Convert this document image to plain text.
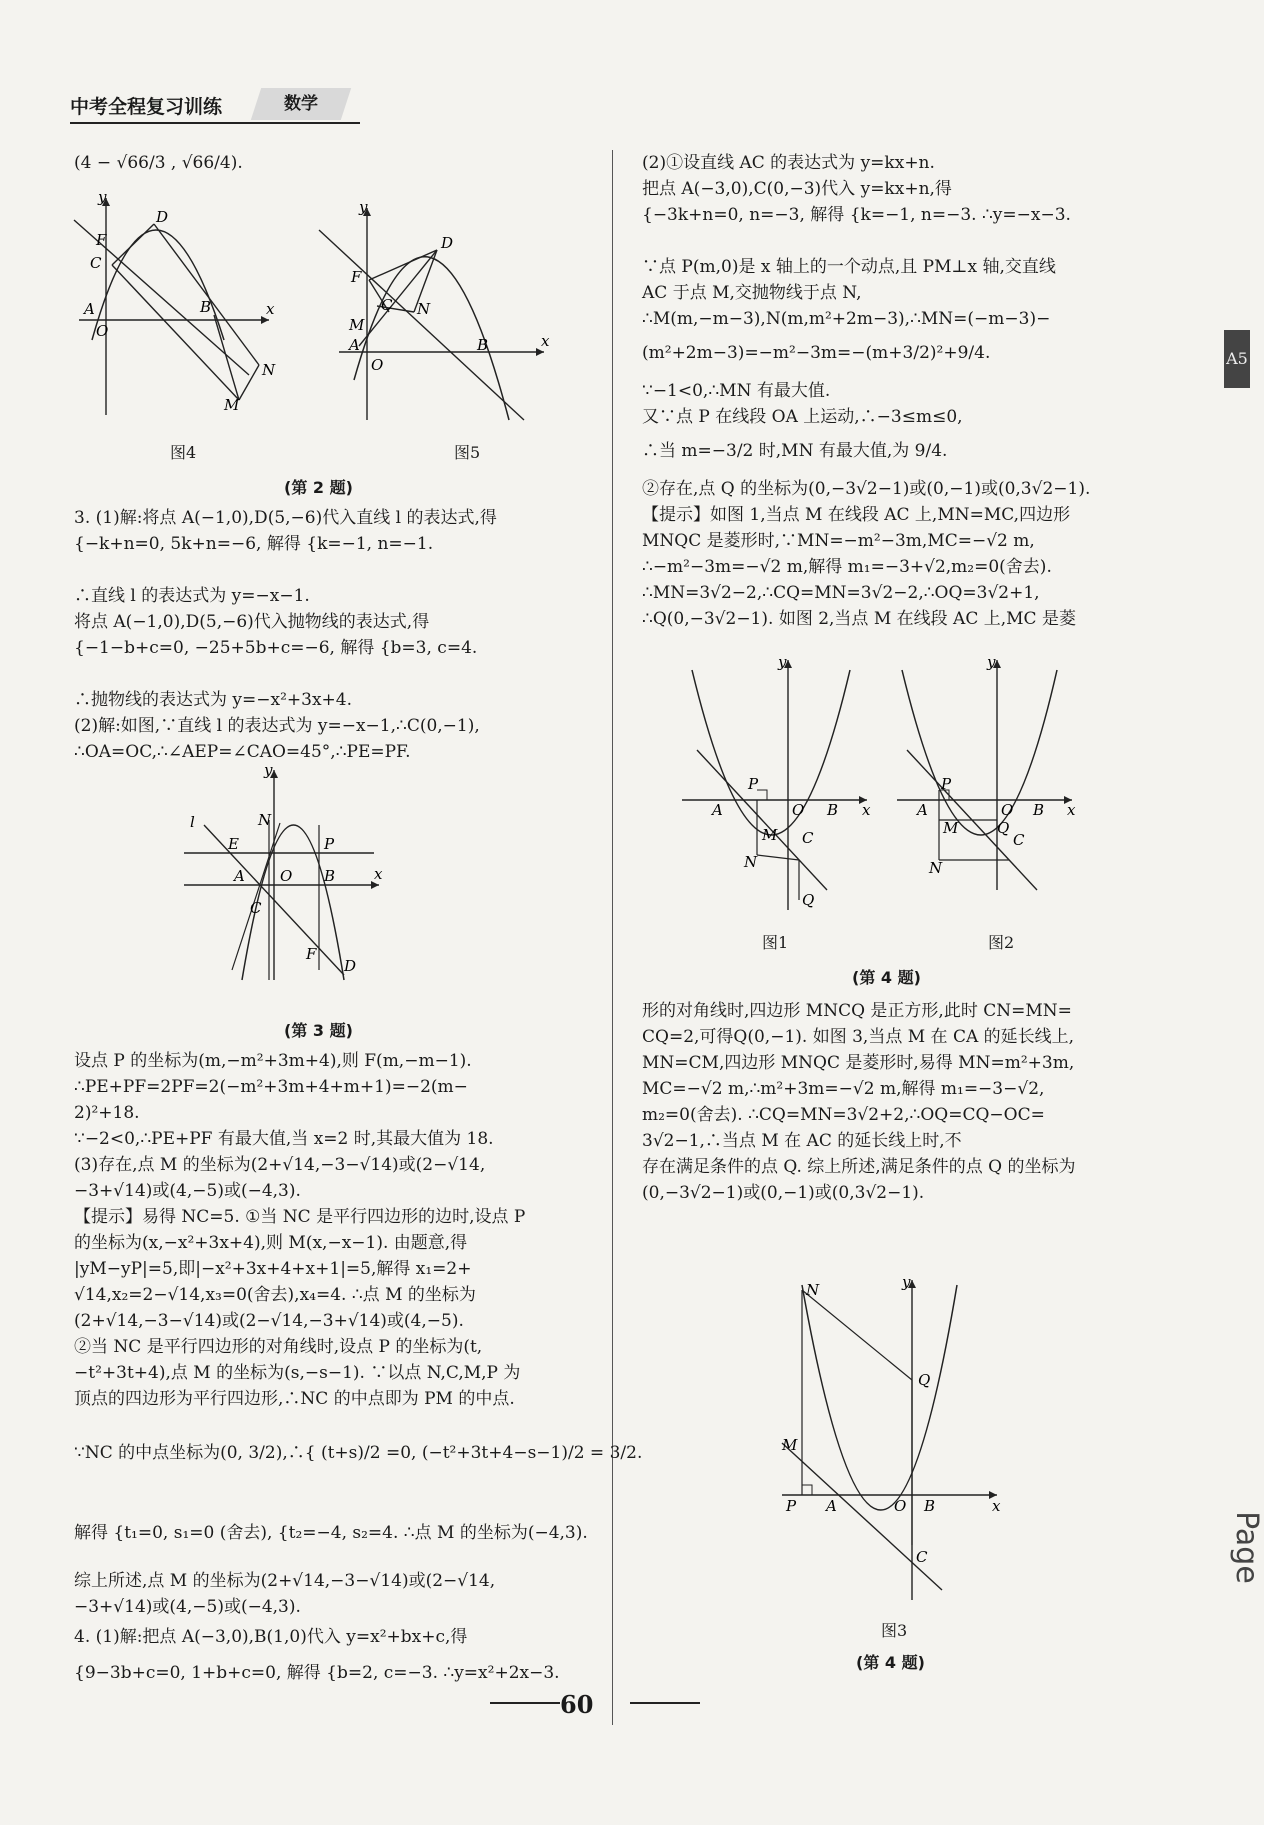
中考全程复习训练	数学
(4 − √66/3 , √66/4).
y
x
O
A
C
F
D
B
M
N
图4
y
x
O
A
F
D
C N
M
B
图5
(第 2 题)
3. (1)解:将点 A(−1,0),D(5,−6)代入直线 l 的表达式,得
{−k+n=0, 5k+n=−6, 解得 {k=−1, n=−1.
∴直线 l 的表达式为 y=−x−1.
将点 A(−1,0),D(5,−6)代入抛物线的表达式,得
{−1−b+c=0, −25+5b+c=−6, 解得 {b=3, c=4.
∴抛物线的表达式为 y=−x²+3x+4.
(2)解:如图,∵直线 l 的表达式为 y=−x−1,∴C(0,−1),
∴OA=OC,∴∠AEP=∠CAO=45°,∴PE=PF.
y
x
O
A	B
C
N
P
E
l
F
D
(第 3 题)
设点 P 的坐标为(m,−m²+3m+4),则 F(m,−m−1).
∴PE+PF=2PF=2(−m²+3m+4+m+1)=−2(m−
2)²+18.
∵−2<0,∴PE+PF 有最大值,当 x=2 时,其最大值为 18.
(3)存在,点 M 的坐标为(2+√14,−3−√14)或(2−√14,
−3+√14)或(4,−5)或(−4,3).
【提示】易得 NC=5. ①当 NC 是平行四边形的边时,设点 P
的坐标为(x,−x²+3x+4),则 M(x,−x−1). 由题意,得
|yM−yP|=5,即|−x²+3x+4+x+1|=5,解得 x₁=2+
√14,x₂=2−√14,x₃=0(舍去),x₄=4. ∴点 M 的坐标为
(2+√14,−3−√14)或(2−√14,−3+√14)或(4,−5).
②当 NC 是平行四边形的对角线时,设点 P 的坐标为(t,
−t²+3t+4),点 M 的坐标为(s,−s−1). ∵以点 N,C,M,P 为
顶点的四边形为平行四边形,∴NC 的中点即为 PM 的中点.
∵NC 的中点坐标为(0, 3/2),∴{ (t+s)/2 =0, (−t²+3t+4−s−1)/2 = 3/2.
解得 {t₁=0, s₁=0 (舍去), {t₂=−4, s₂=4. ∴点 M 的坐标为(−4,3).
综上所述,点 M 的坐标为(2+√14,−3−√14)或(2−√14,
−3+√14)或(4,−5)或(−4,3).
4. (1)解:把点 A(−3,0),B(1,0)代入 y=x²+bx+c,得
{9−3b+c=0, 1+b+c=0, 解得 {b=2, c=−3. ∴y=x²+2x−3.
(2)①设直线 AC 的表达式为 y=kx+n.
把点 A(−3,0),C(0,−3)代入 y=kx+n,得
{−3k+n=0, n=−3, 解得 {k=−1, n=−3. ∴y=−x−3.
∵点 P(m,0)是 x 轴上的一个动点,且 PM⊥x 轴,交直线
AC 于点 M,交抛物线于点 N,
∴M(m,−m−3),N(m,m²+2m−3),∴MN=(−m−3)−
(m²+2m−3)=−m²−3m=−(m+3/2)²+9/4.
∵−1<0,∴MN 有最大值.
又∵点 P 在线段 OA 上运动,∴−3≤m≤0,
∴当 m=−3/2 时,MN 有最大值,为 9/4.
②存在,点 Q 的坐标为(0,−3√2−1)或(0,−1)或(0,3√2−1).
【提示】如图 1,当点 M 在线段 AC 上,MN=MC,四边形
MNQC 是菱形时,∵MN=−m²−3m,MC=−√2 m,
∴−m²−3m=−√2 m,解得 m₁=−3+√2,m₂=0(舍去).
∴MN=3√2−2,∴CQ=MN=3√2−2,∴OQ=3√2+1,
∴Q(0,−3√2−1). 如图 2,当点 M 在线段 AC 上,MC 是菱
y
x
O
A	B
P
M
N
C
Q
图1
y
x
O
A	B
P
M	Q
N
C
图2
(第 4 题)
形的对角线时,四边形 MNCQ 是正方形,此时 CN=MN=
CQ=2,可得Q(0,−1). 如图 3,当点 M 在 CA 的延长线上,
MN=CM,四边形 MNQC 是菱形时,易得 MN=m²+3m,
MC=−√2 m,∴m²+3m=−√2 m,解得 m₁=−3−√2,
m₂=0(舍去). ∴CQ=MN=3√2+2,∴OQ=CQ−OC=
3√2−1,∴当点 M 在 AC 的延长线上时,不
存在满足条件的点 Q. 综上所述,满足条件的点 Q 的坐标为
(0,−3√2−1)或(0,−1)或(0,3√2−1).
y
x
O
A	B
P
M
N
Q
C
图3
(第 4 题)
60
A5
Page
